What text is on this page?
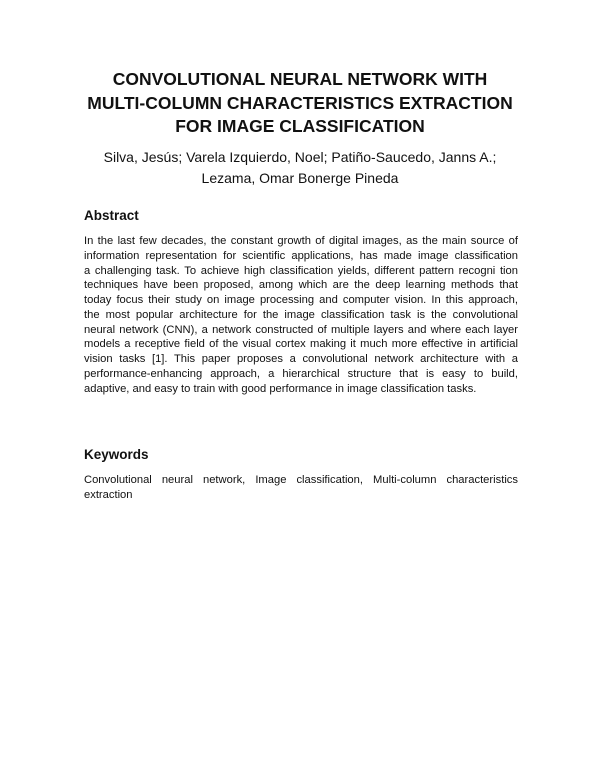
CONVOLUTIONAL NEURAL NETWORK WITH
MULTI-COLUMN CHARACTERISTICS EXTRACTION
FOR IMAGE CLASSIFICATION
Silva, Jesús; Varela Izquierdo, Noel; Patiño-Saucedo, Janns A.;
Lezama, Omar Bonerge Pineda
Abstract
In the last few decades, the constant growth of digital images, as the main source of
information representation for scientific applications, has made image classification
a challenging task. To achieve high classification yields, different pattern recogni tion
techniques have been proposed, among which are the deep learning methods that
today focus their study on image processing and computer vision. In this approach,
the most popular architecture for the image classification task is the convolutional
neural network (CNN), a network constructed of multiple layers and where each layer
models a receptive field of the visual cortex making it much more effective in artificial
vision tasks [1]. This paper proposes a convolutional network architecture with a
performance-enhancing approach, a hierarchical structure that is easy to build,
adaptive, and easy to train with good performance in image classification tasks.
Keywords
Convolutional neural network, Image classification, Multi-column characteristics
extraction
